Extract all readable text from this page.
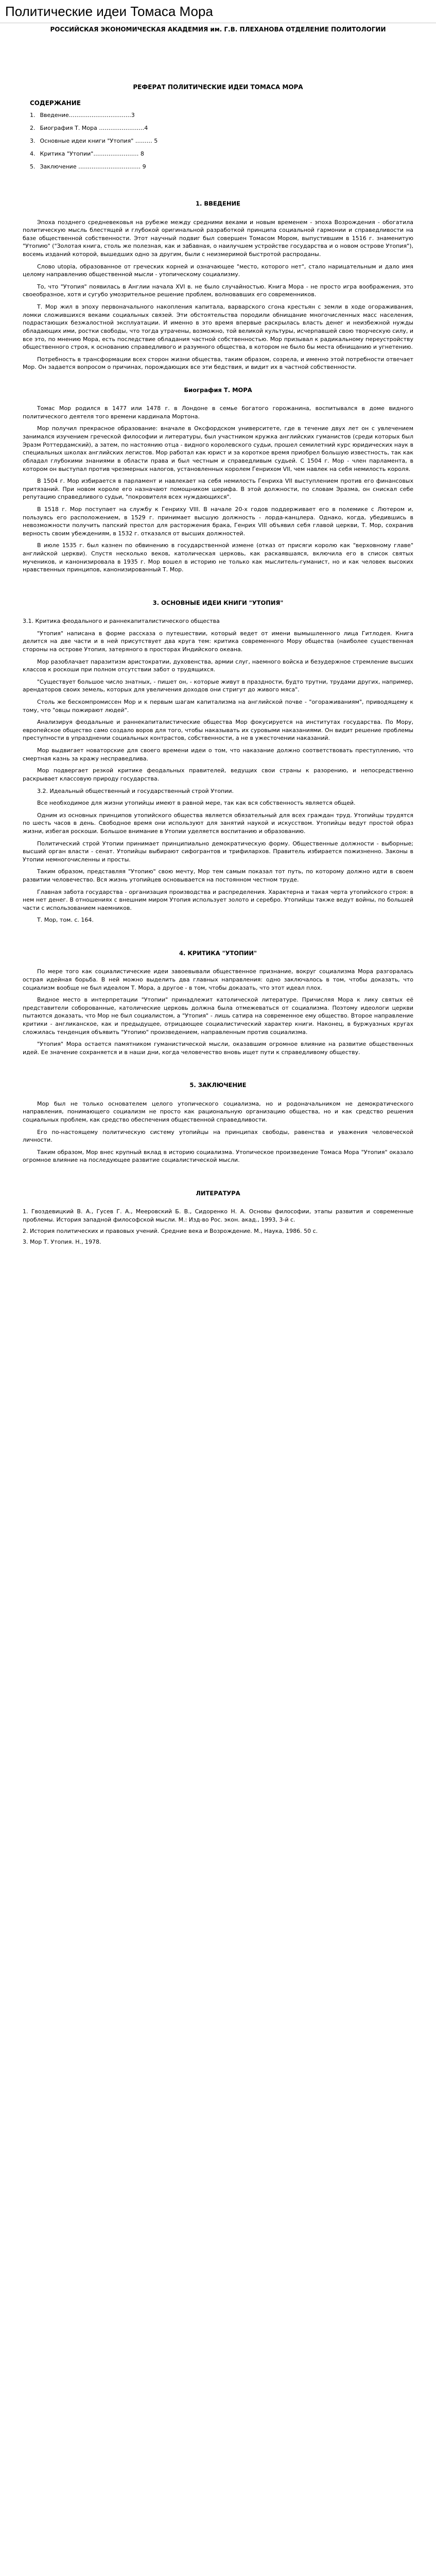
Политические идеи Томаса Мора
РОССИЙСКАЯ ЭКОНОМИЧЕСКАЯ АКАДЕМИЯ им. Г.В. ПЛЕХАНОВА ОТДЕЛЕНИЕ ПОЛИТОЛОГИИ
РЕФЕРАТ ПОЛИТИЧЕСКИЕ ИДЕИ ТОМАСА МОРА
СОДЕРЖАНИЕ
1. Введение……………………………3
2. Биография Т. Мора ……………………4
3. Основные идеи книги "Утопия" ……… 5
4. Критика "Утопии"…………………… 8
5. Заключение …………………………… 9
1. ВВЕДЕНИЕ

Эпоха позднего средневековья на рубеже между средними веками и новым временем - эпоха Возрождения - обогатила политическую мысль блестящей и глубокой оригинальной разработкой принципа социальной гармонии и справедливости на базе общественной собственности. Этот научный подвиг был совершен Томасом Мором, выпустившим в 1516 г. знаменитую "Утопию" ("Золотая книга, столь же полезная, как и забавная, о наилучшем устройстве государства и о новом острове Утопия"), восемь изданий которой, вышедших одно за другим, были с неизмеримой быстротой распроданы.

Слово utopia, образованное от греческих корней и означающее "место, которого нет", стало нарицательным и дало имя целому направлению общественной мысли - утопическому социализму.

То, что "Утопия" появилась в Англии начала XVI в. не было случайностью. Книга Мора - не просто игра воображения, это своеобразное, хотя и сугубо умозрительное решение проблем, волновавших его современников.

Т. Мор жил в эпоху первоначального накопления капитала, варварского сгона крестьян с земли в ходе огораживания, ломки сложившихся веками социальных связей. Эти обстоятельства породили обнищание многочисленных масс населения, подрастающих безжалостной эксплуатации. И именно в это время впервые раскрылась власть денег и неизбежной нужды обладающих ими, ростки свободы, что тогда утрачены, возможно, той великой культуры, исчерпавшей свою творческую силу, и все это, по мнению Мора, есть последствие обладания частной собственностью. Мор призывал к радикальному переустройству общественного строя, к основанию справедливого и разумного общества, в котором не было бы места обнищанию и угнетению.

Потребность в трансформации всех сторон жизни общества, таким образом, созрела, и именно этой потребности отвечает Мор. Он задается вопросом о причинах, порождающих все эти бедствия, и видит их в частной собственности.

Биография Т. МОРА

Томас Мор родился в 1477 или 1478 г. в Лондоне в семье богатого горожанина, воспитывался в доме видного политического деятеля того времени кардинала Мортона.

Мор получил прекрасное образование: вначале в Оксфордском университете, где в течение двух лет он с увлечением занимался изучением греческой философии и литературы, был участником кружка английских гуманистов (среди которых был Эразм Роттердамский), а затем, по настоянию отца - видного королевского судьи, прошел семилетний курс юридических наук в специальных школах английских легистов. Мор работал как юрист и за короткое время приобрел большую известность, так как обладал глубокими знаниями в области права и был честным и справедливым судьей. С 1504 г. Мор - член парламента, в котором он выступал против чрезмерных налогов, установленных королем Генрихом VII, чем навлек на себя немилость короля.

В 1504 г. Мор избирается в парламент и навлекает на себя немилость Генриха VII выступлением против его финансовых притязаний. При новом короле его назначают помощником шерифа. В этой должности, по словам Эразма, он снискал себе репутацию справедливого судьи, "покровителя всех нуждающихся".

В 1518 г. Мор поступает на службу к Генриху VIII. В начале 20-х годов поддерживает его в полемике с Лютером и, пользуясь его расположением, в 1529 г. принимает высшую должность - лорда-канцлера. Однако, когда, убедившись в невозможности получить папский престол для расторжения брака, Генрих VIII объявил себя главой церкви, Т. Мор, сохранив верность своим убеждениям, в 1532 г. отказался от высших должностей.

В июле 1535 г. был казнен по обвинению в государственной измене (отказ от присяги королю как "верховному главе" английской церкви). Спустя несколько веков, католическая церковь, как раскаявшаяся, включила его в список святых мучеников, и канонизировала в 1935 г. Мор вошел в историю не только как мыслитель-гуманист, но и как человек высоких нравственных принципов, канонизированный Т. Мор.

3. ОСНОВНЫЕ ИДЕИ КНИГИ "УТОПИЯ"

3.1. Критика феодального и раннекапиталистического общества

"Утопия" написана в форме рассказа о путешествии, который ведет от имени вымышленного лица Гитлодея. Книга делится на две части и в ней присутствует два круга тем: критика современного Мору общества (наиболее существенная стороны на острове Утопия, затеряного в просторах Индийского океана.

Мор разоблачает паразитизм аристократии, духовенства, армии слуг, наемного войска и безудержное стремление высших классов к роскоши при полном отсутствии забот о трудящихся.

"Существует большое число знатных, - пишет он, - которые живут в праздности, будто трутни, трудами других, например, арендаторов своих земель, которых для увеличения доходов они стригут до живого мяса".

Столь же бескомпромиссен Мор и к первым шагам капитализма на английской почве - "огораживаниям", приводящему к тому, что "овцы пожирают людей".

Анализируя феодальные и раннекапиталистические общества Мор фокусируется на институтах государства. По Мору, европейское общество само создало воров для того, чтобы наказывать их суровыми наказаниями. Он видит решение проблемы преступности в упразднении социальных контрастов, собственности, а не в ужесточении наказаний.

Мор выдвигает новаторские для своего времени идеи о том, что наказание должно соответствовать преступлению, что смертная казнь за кражу несправедлива.

Мор подвергает резкой критике феодальных правителей, ведущих свои страны к разорению, и непосредственно раскрывает классовую природу государства.

3.2. Идеальный общественный и государственный строй Утопии.

Все необходимое для жизни утопийцы имеют в равной мере, так как вся собственность является общей.

Одним из основных принципов утопийского общества является обязательный для всех граждан труд. Утопийцы трудятся по шесть часов в день. Свободное время они используют для занятий наукой и искусством. Утопийцы ведут простой образ жизни, избегая роскоши. Большое внимание в Утопии уделяется воспитанию и образованию.

Политический строй Утопии принимает принципиально демократическую форму. Общественные должности - выборные; высший орган власти - сенат. Утопийцы выбирают сифогрантов и трифилархов. Правитель избирается пожизненно. Законы в Утопии немногочисленны и просты.

Таким образом, представляя "Утопию" свою мечту, Мор тем самым показал тот путь, по которому должно идти в своем развитии человечество. Вся жизнь утопийцев основывается на постоянном честном труде.

Главная забота государства - организация производства и распределения. Характерна и такая черта утопийского строя: в нем нет денег. В отношениях с внешним миром Утопия использует золото и серебро. Утопийцы также ведут войны, по большей части с использованием наемников.

Т. Мор, том. с. 164.

4. КРИТИКА "УТОПИИ"

По мере того как социалистические идеи завоевывали общественное признание, вокруг социализма Мора разгоралась острая идейная борьба. В ней можно выделить два главных направления: одно заключалось в том, чтобы доказать, что социализм вообще не был идеалом Т. Мора, а другое - в том, чтобы доказать, что этот идеал плох.

Видное место в интерпретации "Утопии" принадлежит католической литературе. Причисляя Мора к лику святых её представители соборованные, католические церковь должна была отмежеваться от социализма. Поэтому идеологи церкви пытаются доказать, что Мор не был социалистом, а "Утопия" - лишь сатира на современное ему общество. Второе направление критики - англиканское, как и предыдущее, отрицающее социалистический характер книги. Наконец, в буржуазных кругах сложилась тенденция объявить "Утопию" произведением, направленным против социализма.

"Утопия" Мора остается памятником гуманистической мысли, оказавшим огромное влияние на развитие общественных идей. Ее значение сохраняется и в наши дни, когда человечество вновь ищет пути к справедливому обществу.

5. ЗАКЛЮЧЕНИЕ

Мор был не только основателем целого утопического социализма, но и родоначальником не демократического направления, понимающего социализм не просто как рациональную организацию общества, но и как средство решения социальных проблем, как средство обеспечения общественной справедливости.

Его по-настоящему политическую систему утопийцы на принципах свободы, равенства и уважения человеческой личности.

Таким образом, Мор внес крупный вклад в историю социализма. Утопическое произведение Томаса Мора "Утопия" оказало огромное влияние на последующее развитие социалистической мысли.

ЛИТЕРАТУРА

1. Гвоздевицкий В. А., Гусев Г. А., Мееровский Б. В., Сидоренко Н. А. Основы философии, этапы развития и современные проблемы. История западной философской мысли. М.: Изд-во Рос. экон. акад., 1993, 3-й с.

2. История политических и правовых учений. Средние века и Возрождение. М., Наука, 1986. 50 с.

3. Мор Т. Утопия. Н., 1978.
